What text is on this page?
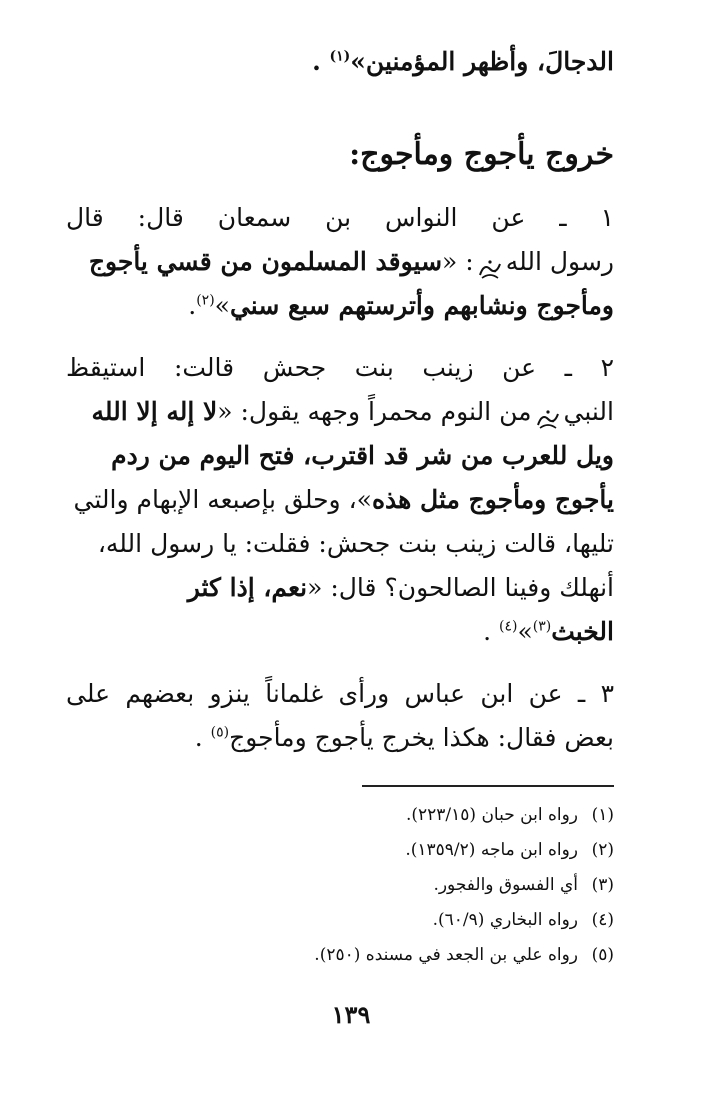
الدجالَ، وأظهر المؤمنين»$^{(١)}$ .
خروج يأجوج ومأجوج:
١ ـ عن النواس بن سمعان قال: قال
رسول الله: «سيوقد المسلمون من قسي يأجوج
ومأجوج ونشابهم وأترستهم سبع سني»$^{(٢)}$.
٢ ـ عن زينب بنت جحش قالت: استيقظ
النبيمن النوم محمراً وجهه يقول: «لا إله إلا الله
ويل للعرب من شر قد اقترب، فتح اليوم من ردم
يأجوج ومأجوج مثل هذه»، وحلق بإصبعه الإبهام والتي
تليها، قالت زينب بنت جحش: فقلت: يا رسول الله،
أنهلك وفينا الصالحون؟ قال: «نعم، إذا كثر
الخبث$^{(٣)}$»$^{(٤)}$ .
٣ ـ عن ابن عباس ورأى غلماناً ينزو بعضهم على
بعض فقال: هكذا يخرج يأجوج ومأجوج$^{(٥)}$ .
(١)رواه ابن حبان (٢٢٣/١٥).
(٢)رواه ابن ماجه (١٣٥٩/٢).
(٣)أي الفسوق والفجور.
(٤)رواه البخاري (٦٠/٩).
(٥)رواه علي بن الجعد في مسنده (٢٥٠).
١٣٩
